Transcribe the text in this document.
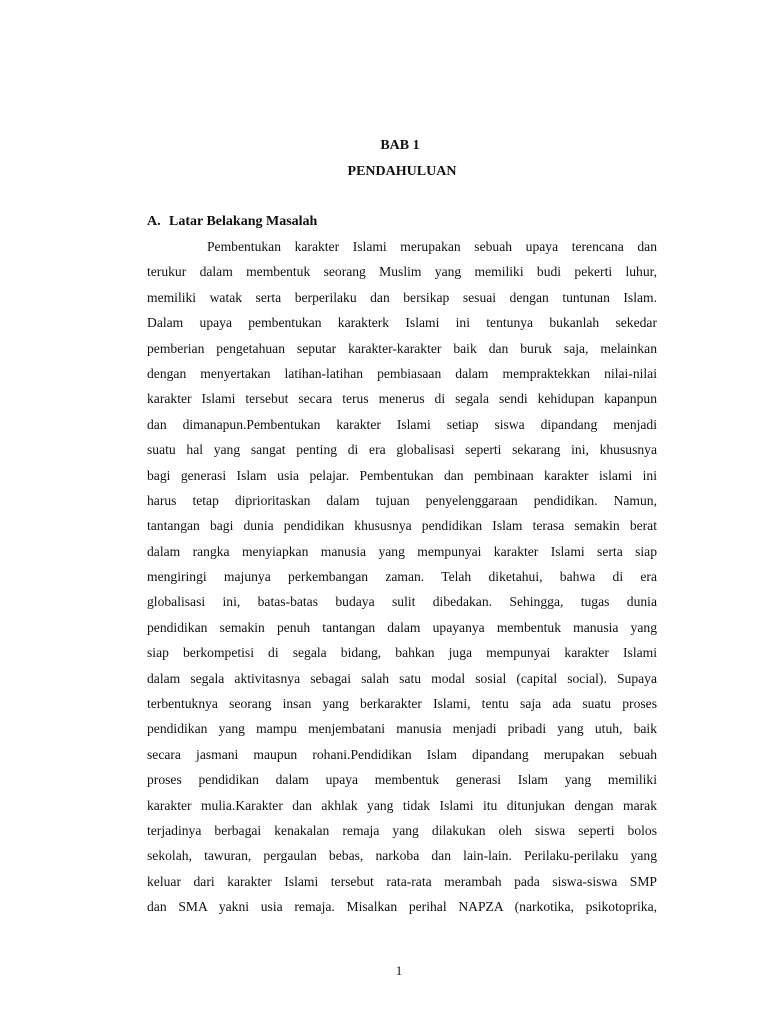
BAB 1
PENDAHULUAN
A. Latar Belakang Masalah
Pembentukan karakter Islami merupakan sebuah upaya terencana dan
terukur dalam membentuk seorang Muslim yang memiliki budi pekerti luhur,
memiliki watak serta berperilaku dan bersikap sesuai dengan tuntunan Islam.
Dalam upaya pembentukan karakterk Islami ini tentunya bukanlah sekedar
pemberian pengetahuan seputar karakter-karakter baik dan buruk saja, melainkan
dengan menyertakan latihan-latihan pembiasaan dalam mempraktekkan nilai-nilai
karakter Islami tersebut secara terus menerus di segala sendi kehidupan kapanpun
dan dimanapun.Pembentukan karakter Islami setiap siswa dipandang menjadi
suatu hal yang sangat penting di era globalisasi seperti sekarang ini, khususnya
bagi generasi Islam usia pelajar. Pembentukan dan pembinaan karakter islami ini
harus tetap diprioritaskan dalam tujuan penyelenggaraan pendidikan. Namun,
tantangan bagi dunia pendidikan khususnya pendidikan Islam terasa semakin berat
dalam rangka menyiapkan manusia yang mempunyai karakter Islami serta siap
mengiringi majunya perkembangan zaman. Telah diketahui, bahwa di era
globalisasi ini, batas-batas budaya sulit dibedakan. Sehingga, tugas dunia
pendidikan semakin penuh tantangan dalam upayanya membentuk manusia yang
siap berkompetisi di segala bidang, bahkan juga mempunyai karakter Islami
dalam segala aktivitasnya sebagai salah satu modal sosial (capital social). Supaya
terbentuknya seorang insan yang berkarakter Islami, tentu saja ada suatu proses
pendidikan yang mampu menjembatani manusia menjadi pribadi yang utuh, baik
secara jasmani maupun rohani.Pendidikan Islam dipandang merupakan sebuah
proses pendidikan dalam upaya membentuk generasi Islam yang memiliki
karakter mulia.Karakter dan akhlak yang tidak Islami itu ditunjukan dengan marak
terjadinya berbagai kenakalan remaja yang dilakukan oleh siswa seperti bolos
sekolah, tawuran, pergaulan bebas, narkoba dan lain-lain. Perilaku-perilaku yang
keluar dari karakter Islami tersebut rata-rata merambah pada siswa-siswa SMP
dan SMA yakni usia remaja. Misalkan perihal NAPZA (narkotika, psikotoprika,
1
